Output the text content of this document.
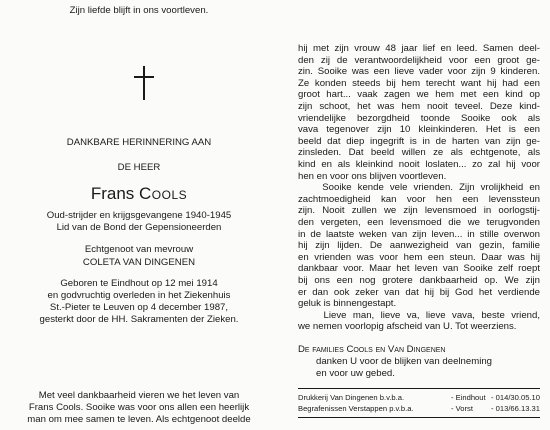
Zijn liefde blijft in ons voortleven.
DANKBARE HERINNERING AAN
DE HEER
Frans Cools
Oud-strijder en krijgsgevangene 1940-1945
Lid van de Bond der Gepensioneerden
Echtgenoot van mevrouw
COLETA VAN DINGENEN
Geboren te Eindhout op 12 mei 1914
en godvruchtig overleden in het Ziekenhuis
St.-Pieter te Leuven op 4 december 1987,
gesterkt door de HH. Sakramenten der Zieken.
Met veel dankbaarheid vieren we het leven van
Frans Cools. Sooike was voor ons allen een heerlijk
man om mee samen te leven. Als echtgenoot deelde
hij met zijn vrouw 48 jaar lief en leed. Samen deel-
den zij de verantwoordelijkheid voor een groot ge-
zin. Sooike was een lieve vader voor zijn 9 kinderen.
Ze konden steeds bij hem terecht want hij had een
groot hart... vaak zagen we hem met een kind op
zijn schoot, het was hem nooit teveel. Deze kind-
vriendelijke bezorgdheid toonde Sooike ook als
vava tegenover zijn 10 kleinkinderen. Het is een
beeld dat diep ingegrift is in de harten van zijn ge-
zinsleden. Dat beeld willen ze als echtgenote, als
kind en als kleinkind nooit loslaten... zo zal hij voor
hen en voor ons blijven voortleven.
Sooike kende vele vrienden. Zijn vrolijkheid en
zachtmoedigheid kan voor hen een levenssteun
zijn. Nooit zullen we zijn levensmoed in oorlogstij-
den vergeten, een levensmoed die we terugvonden
in de laatste weken van zijn leven... in stille overwon
hij zijn lijden. De aanwezigheid van gezin, familie
en vrienden was voor hem een steun. Daar was hij
dankbaar voor. Maar het leven van Sooike zelf roept
bij ons een nog grotere dankbaarheid op. We zijn
er dan ook zeker van dat hij bij God het verdiende
geluk is binnengestapt.
Lieve man, lieve va, lieve vava, beste vriend,
we nemen voorlopig afscheid van U. Tot weerziens.
De families Cools en Van Dingenen
danken U voor de blijken van deelneming
en voor uw gebed.
Drukkerij Van Dingenen b.v.b.a.	- Eindhout - 014/30.05.10
Begrafenissen Verstappen p.v.b.a.	- Vorst - 013/66.13.31
